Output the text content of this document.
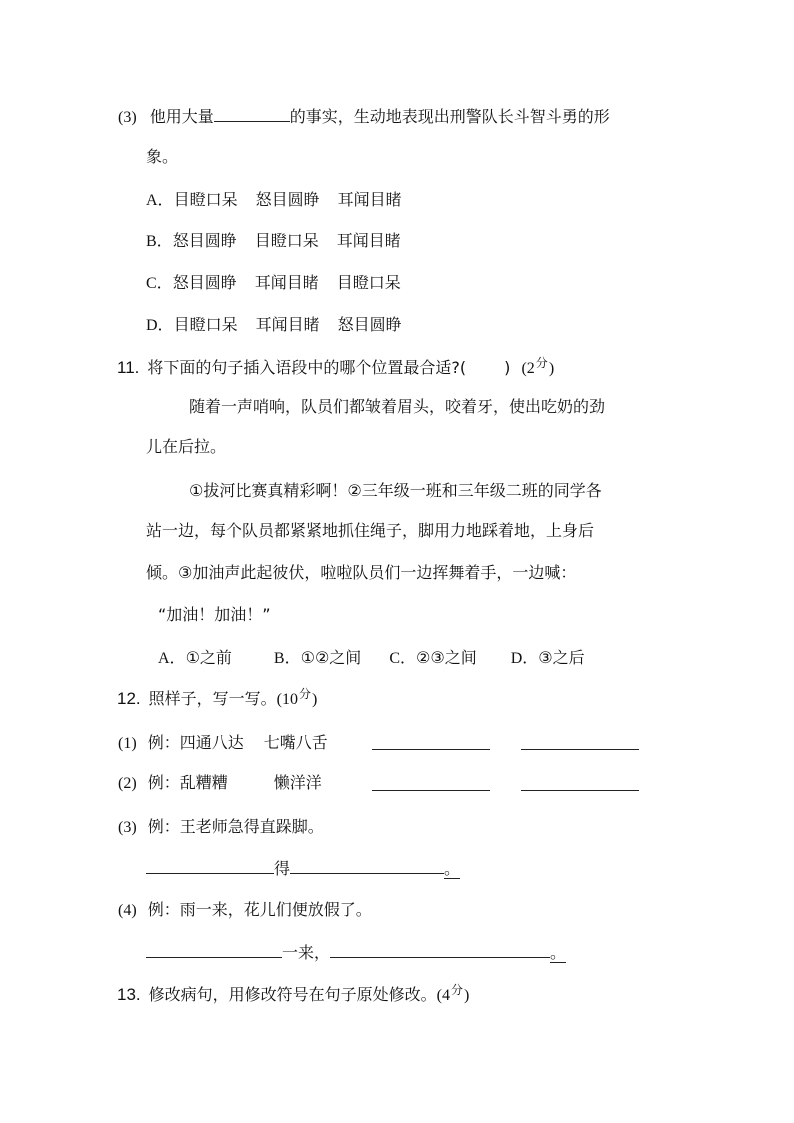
(3) 他用大量	的事实，生动地表现出刑警队长斗智斗勇的形
象。
A．目瞪口呆 怒目圆睁 耳闻目睹
B．怒目圆睁 目瞪口呆 耳闻目睹
C．怒目圆睁 耳闻目睹 目瞪口呆
D．目瞪口呆 耳闻目睹 怒目圆睁
11. 将下面的句子插入语段中的哪个位置最合适?( ) $(2^分)$
随着一声哨响，队员们都皱着眉头，咬着牙，使出吃奶的劲
儿在后拉。
①拔河比赛真精彩啊！②三年级一班和三年级二班的同学各
站一边，每个队员都紧紧地抓住绳子，脚用力地踩着地，上身后
倾。③加油声此起彼伏，啦啦队员们一边挥舞着手，一边喊：
“加油！加油！”
A．①之前	B．①②之间 C．②③之间 D．③之后
12. 照样子，写一写。$(10^分)$
(1) 例：四通八达 七嘴八舌
(2) 例：乱糟糟	懒洋洋
(3) 例：王老师急得直跺脚。
得	。
(4) 例：雨一来，花儿们便放假了。
一来，	。
13. 修改病句，用修改符号在句子原处修改。$(4^分)$
